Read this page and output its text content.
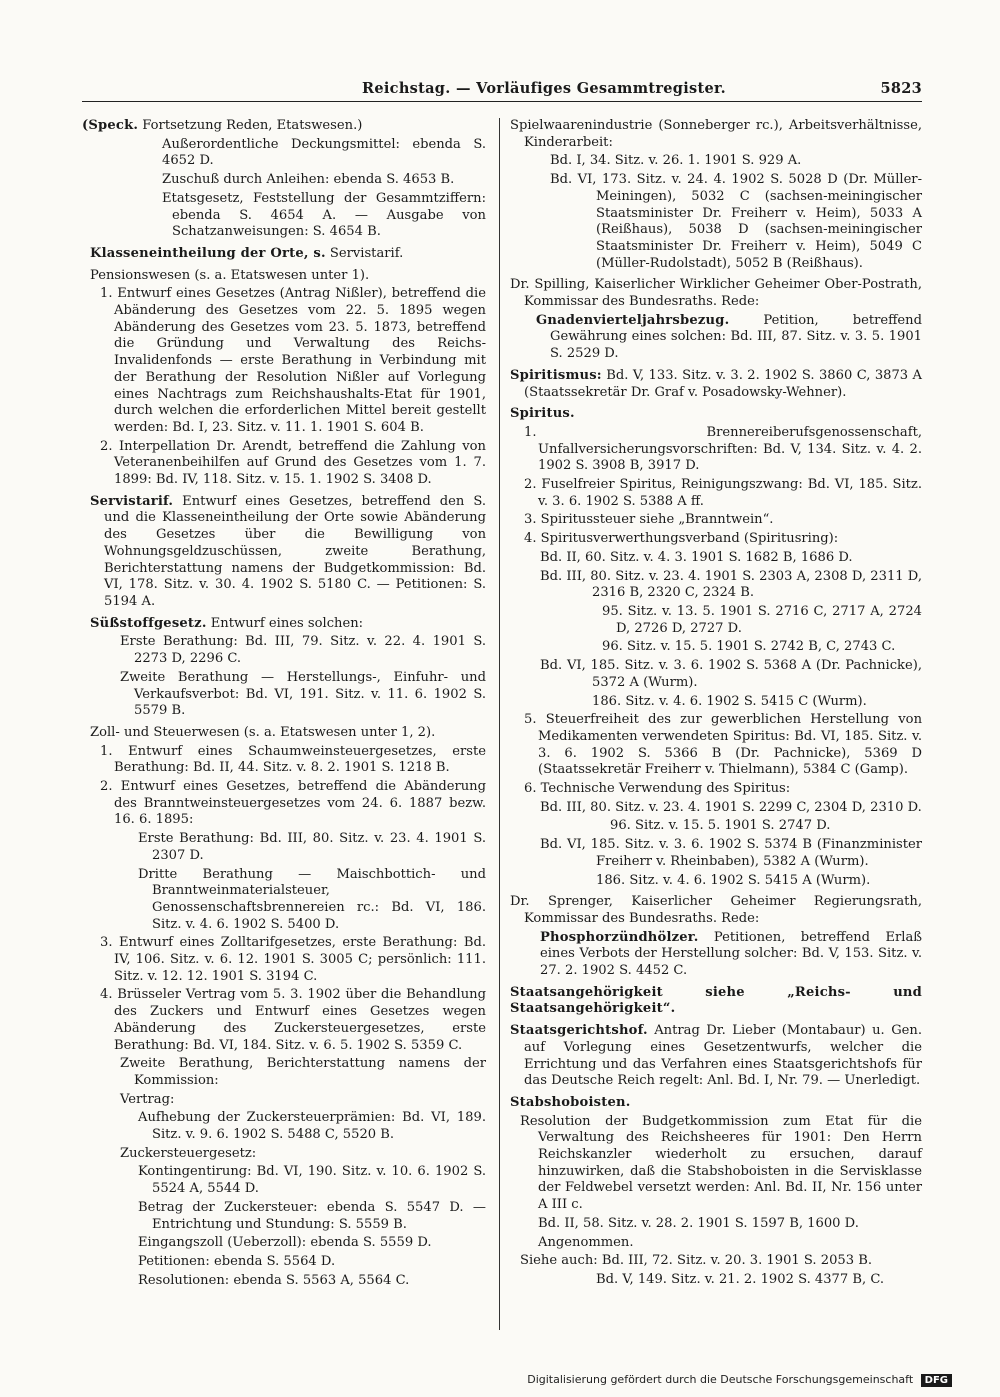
Reichstag. — Vorläufiges Gesammtregister.	5823

(Speck. Fortsetzung Reden, Etatswesen.)

Außerordentliche Deckungsmittel: ebenda S. 4652 D.

Zuschuß durch Anleihen: ebenda S. 4653 B.

Etatsgesetz, Feststellung der Gesammtziffern: ebenda S. 4654 A. — Ausgabe von Schatzanweisungen: S. 4654 B.

Klasseneintheilung der Orte, s. Servistarif.

Pensionswesen (s. a. Etatswesen unter 1).

1. Entwurf eines Gesetzes (Antrag Nißler), betreffend die Abänderung des Gesetzes vom 22. 5. 1895 wegen Abänderung des Gesetzes vom 23. 5. 1873, betreffend die Gründung und Verwaltung des Reichs-Invalidenfonds — erste Berathung in Verbindung mit der Berathung der Resolution Nißler auf Vorlegung eines Nachtrags zum Reichshaushalts-Etat für 1901, durch welchen die erforderlichen Mittel bereit gestellt werden: Bd. I, 23. Sitz. v. 11. 1. 1901 S. 604 B.

2. Interpellation Dr. Arendt, betreffend die Zahlung von Veteranenbeihilfen auf Grund des Gesetzes vom 1. 7. 1899: Bd. IV, 118. Sitz. v. 15. 1. 1902 S. 3408 D.

Servistarif. Entwurf eines Gesetzes, betreffend den S. und die Klasseneintheilung der Orte sowie Abänderung des Gesetzes über die Bewilligung von Wohnungsgeldzuschüssen, zweite Berathung, Berichterstattung namens der Budgetkommission: Bd. VI, 178. Sitz. v. 30. 4. 1902 S. 5180 C. — Petitionen: S. 5194 A.

Süßstoffgesetz. Entwurf eines solchen:

Erste Berathung: Bd. III, 79. Sitz. v. 22. 4. 1901 S. 2273 D, 2296 C.

Zweite Berathung — Herstellungs-, Einfuhr- und Verkaufsverbot: Bd. VI, 191. Sitz. v. 11. 6. 1902 S. 5579 B.

Zoll- und Steuerwesen (s. a. Etatswesen unter 1, 2).

1. Entwurf eines Schaumweinsteuergesetzes, erste Berathung: Bd. II, 44. Sitz. v. 8. 2. 1901 S. 1218 B.

2. Entwurf eines Gesetzes, betreffend die Abänderung des Branntweinsteuergesetzes vom 24. 6. 1887 bezw. 16. 6. 1895:

Erste Berathung: Bd. III, 80. Sitz. v. 23. 4. 1901 S. 2307 D.

Dritte Berathung — Maischbottich- und Branntweinmaterialsteuer, Genossenschaftsbrennereien rc.: Bd. VI, 186. Sitz. v. 4. 6. 1902 S. 5400 D.

3. Entwurf eines Zolltarifgesetzes, erste Berathung: Bd. IV, 106. Sitz. v. 6. 12. 1901 S. 3005 C; persönlich: 111. Sitz. v. 12. 12. 1901 S. 3194 C.

4. Brüsseler Vertrag vom 5. 3. 1902 über die Behandlung des Zuckers und Entwurf eines Gesetzes wegen Abänderung des Zuckersteuergesetzes, erste Berathung: Bd. VI, 184. Sitz. v. 6. 5. 1902 S. 5359 C.

Zweite Berathung, Berichterstattung namens der Kommission:

Vertrag:

Aufhebung der Zuckersteuerprämien: Bd. VI, 189. Sitz. v. 9. 6. 1902 S. 5488 C, 5520 B.

Zuckersteuergesetz:

Kontingentirung: Bd. VI, 190. Sitz. v. 10. 6. 1902 S. 5524 A, 5544 D.

Betrag der Zuckersteuer: ebenda S. 5547 D. — Entrichtung und Stundung: S. 5559 B.

Eingangszoll (Ueberzoll): ebenda S. 5559 D.

Petitionen: ebenda S. 5564 D.

Resolutionen: ebenda S. 5563 A, 5564 C.

Spielwaarenindustrie (Sonneberger rc.), Arbeitsverhältnisse, Kinderarbeit:

Bd. I, 34. Sitz. v. 26. 1. 1901 S. 929 A.

Bd. VI, 173. Sitz. v. 24. 4. 1902 S. 5028 D (Dr. Müller-Meiningen), 5032 C (sachsen-meiningischer Staatsminister Dr. Freiherr v. Heim), 5033 A (Reißhaus), 5038 D (sachsen-meiningischer Staatsminister Dr. Freiherr v. Heim), 5049 C (Müller-Rudolstadt), 5052 B (Reißhaus).

Dr. Spilling, Kaiserlicher Wirklicher Geheimer Ober-Postrath, Kommissar des Bundesraths. Rede:

Gnadenvierteljahrsbezug. Petition, betreffend Gewährung eines solchen: Bd. III, 87. Sitz. v. 3. 5. 1901 S. 2529 D.

Spiritismus: Bd. V, 133. Sitz. v. 3. 2. 1902 S. 3860 C, 3873 A (Staatssekretär Dr. Graf v. Posadowsky-Wehner).

Spiritus.

1. Brennereiberufsgenossenschaft, Unfallversicherungsvorschriften: Bd. V, 134. Sitz. v. 4. 2. 1902 S. 3908 B, 3917 D.

2. Fuselfreier Spiritus, Reinigungszwang: Bd. VI, 185. Sitz. v. 3. 6. 1902 S. 5388 A ff.

3. Spiritussteuer siehe „Branntwein“.

4. Spiritusverwerthungsverband (Spiritusring):

Bd. II, 60. Sitz. v. 4. 3. 1901 S. 1682 B, 1686 D.

Bd. III, 80. Sitz. v. 23. 4. 1901 S. 2303 A, 2308 D, 2311 D, 2316 B, 2320 C, 2324 B.

95. Sitz. v. 13. 5. 1901 S. 2716 C, 2717 A, 2724 D, 2726 D, 2727 D.

96. Sitz. v. 15. 5. 1901 S. 2742 B, C, 2743 C.

Bd. VI, 185. Sitz. v. 3. 6. 1902 S. 5368 A (Dr. Pachnicke), 5372 A (Wurm).

186. Sitz. v. 4. 6. 1902 S. 5415 C (Wurm).

5. Steuerfreiheit des zur gewerblichen Herstellung von Medikamenten verwendeten Spiritus: Bd. VI, 185. Sitz. v. 3. 6. 1902 S. 5366 B (Dr. Pachnicke), 5369 D (Staatssekretär Freiherr v. Thielmann), 5384 C (Gamp).

6. Technische Verwendung des Spiritus:

Bd. III, 80. Sitz. v. 23. 4. 1901 S. 2299 C, 2304 D, 2310 D.

96. Sitz. v. 15. 5. 1901 S. 2747 D.

Bd. VI, 185. Sitz. v. 3. 6. 1902 S. 5374 B (Finanzminister Freiherr v. Rheinbaben), 5382 A (Wurm).

186. Sitz. v. 4. 6. 1902 S. 5415 A (Wurm).

Dr. Sprenger, Kaiserlicher Geheimer Regierungsrath, Kommissar des Bundesraths. Rede:

Phosphorzündhölzer. Petitionen, betreffend Erlaß eines Verbots der Herstellung solcher: Bd. V, 153. Sitz. v. 27. 2. 1902 S. 4452 C.

Staatsangehörigkeit siehe „Reichs- und Staatsangehörigkeit“.

Staatsgerichtshof. Antrag Dr. Lieber (Montabaur) u. Gen. auf Vorlegung eines Gesetzentwurfs, welcher die Errichtung und das Verfahren eines Staatsgerichtshofs für das Deutsche Reich regelt: Anl. Bd. I, Nr. 79. — Unerledigt.

Stabshoboisten.

Resolution der Budgetkommission zum Etat für die Verwaltung des Reichsheeres für 1901: Den Herrn Reichskanzler wiederholt zu ersuchen, darauf hinzuwirken, daß die Stabshoboisten in die Servisklasse der Feldwebel versetzt werden: Anl. Bd. II, Nr. 156 unter A III c.

Bd. II, 58. Sitz. v. 28. 2. 1901 S. 1597 B, 1600 D.

Angenommen.

Siehe auch: Bd. III, 72. Sitz. v. 20. 3. 1901 S. 2053 B.

Bd. V, 149. Sitz. v. 21. 2. 1902 S. 4377 B, C.

Digitalisierung gefördert durch die Deutsche Forschungsgemeinschaft DFG
